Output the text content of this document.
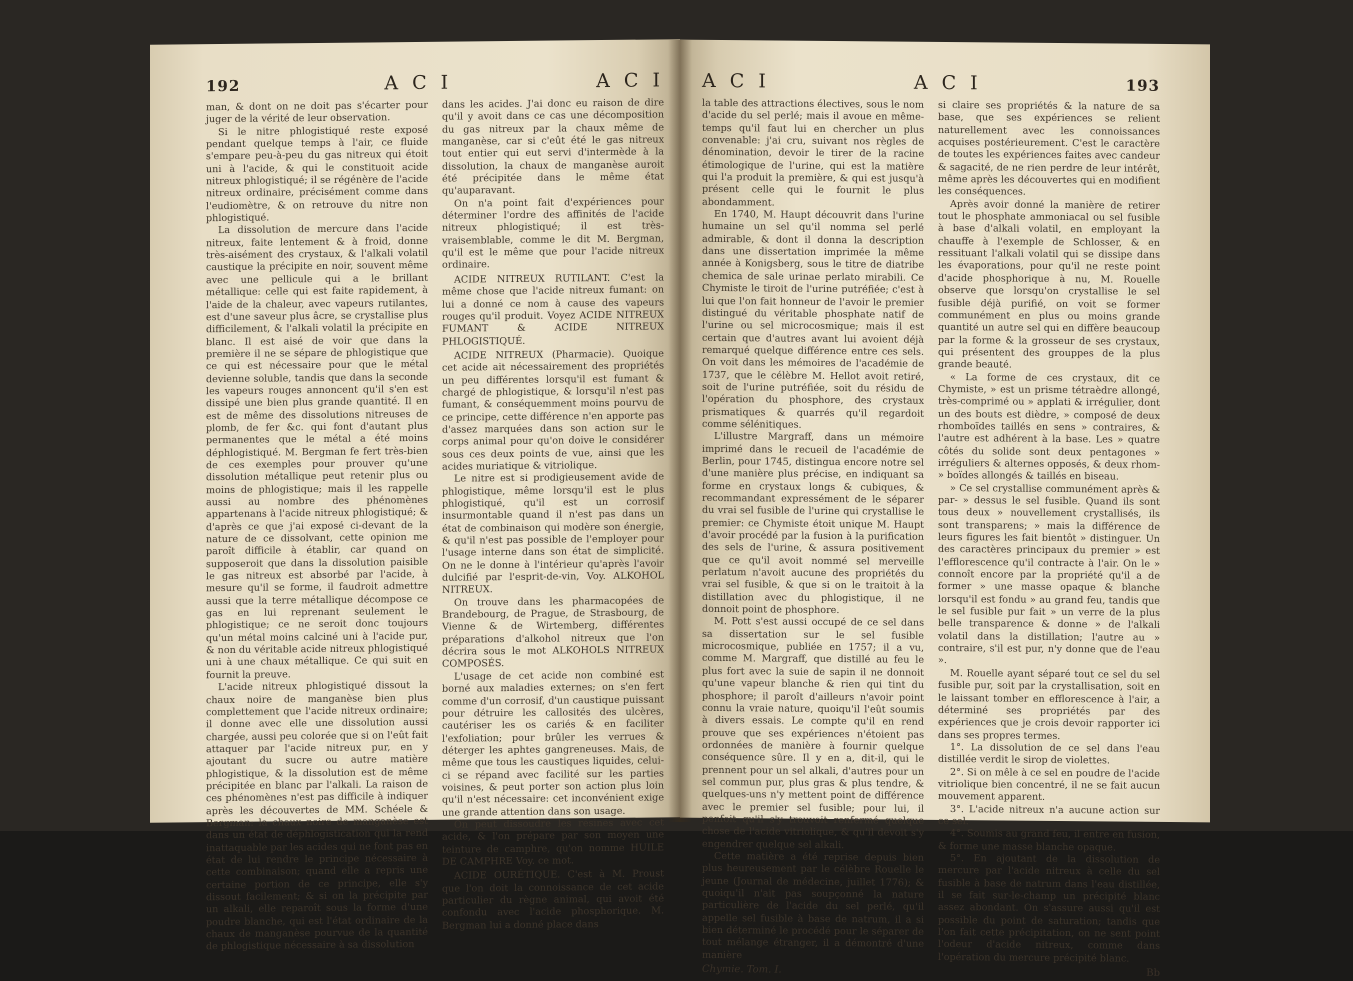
192	A C I	A C I

man, & dont on ne doit pas s'écarter pour juger de la vérité de leur observation.

Si le nitre phlogistiqué reste exposé pendant quelque temps à l'air, ce fluide s'empare peu-à-peu du gas nitreux qui étoit uni à l'acide, & qui le constituoit acide nitreux phlogistiqué; il se régénère de l'acide nitreux ordinaire, précisément comme dans l'eudiomètre, & on retrouve du nitre non phlogistiqué.

La dissolution de mercure dans l'acide nitreux, faite lentement & à froid, donne très-aisément des crystaux, & l'alkali volatil caustique la précipite en noir, souvent même avec une pellicule qui a le brillant métallique: celle qui est faite rapidement, à l'aide de la chaleur, avec vapeurs rutilantes, est d'une saveur plus âcre, se crystallise plus difficilement, & l'alkali volatil la précipite en blanc. Il est aisé de voir que dans la première il ne se sépare de phlogistique que ce qui est nécessaire pour que le métal devienne soluble, tandis que dans la seconde les vapeurs rouges annoncent qu'il s'en est dissipé une bien plus grande quantité. Il en est de même des dissolutions nitreuses de plomb, de fer &c. qui font d'autant plus permanentes que le métal a été moins déphlogistiqué. M. Bergman fe fert très-bien de ces exemples pour prouver qu'une dissolution métallique peut retenir plus ou moins de phlogistique; mais il les rappelle aussi au nombre des phénomènes appartenans à l'acide nitreux phlogistiqué; & d'après ce que j'ai exposé ci-devant de la nature de ce dissolvant, cette opinion me paroît difficile à établir, car quand on supposeroit que dans la dissolution paisible le gas nitreux est absorbé par l'acide, à mesure qu'il se forme, il faudroit admettre aussi que la terre métallique décompose ce gas en lui reprenant seulement le phlogistique; ce ne seroit donc toujours qu'un métal moins calciné uni à l'acide pur, & non du véritable acide nitreux phlogistiqué uni à une chaux métallique. Ce qui suit en fournit la preuve.

L'acide nitreux phlogistiqué dissout la chaux noire de manganèse bien plus complettement que l'acide nitreux ordinaire; il donne avec elle une dissolution aussi chargée, aussi peu colorée que si on l'eût fait attaquer par l'acide nitreux pur, en y ajoutant du sucre ou autre matière phlogistique, & la dissolution est de même précipitée en blanc par l'alkali. La raison de ces phénomènes n'est pas difficile à indiquer après les découvertes de MM. Schéele & Bergman: la chaux noire de manganèse est dans un état de déphlogistication qui la rend inattaquable par les acides qui ne font pas en état de lui rendre le principe nécessaire à cette combinaison; quand elle a repris une certaine portion de ce principe, elle s'y dissout facilement; & si on la précipite par un alkali, elle reparoît sous la forme d'une poudre blanche, qui est l'état ordinaire de la chaux de manganèse pourvue de la quantité de phlogistique nécessaire à sa dissolution

dans les acides. J'ai donc eu raison de dire qu'il y avoit dans ce cas une décomposition du gas nitreux par la chaux même de manganèse, car si c'eût été le gas nitreux tout entier qui eut servi d'intermède à la dissolution, la chaux de manganèse auroit été précipitée dans le même état qu'auparavant.

On n'a point fait d'expériences pour déterminer l'ordre des affinités de l'acide nitreux phlogistiqué; il est très-vraisemblable, comme le dit M. Bergman, qu'il est le même que pour l'acide nitreux ordinaire.

ACIDE NITREUX RUTILANT. C'est la même chose que l'acide nitreux fumant: on lui a donné ce nom à cause des vapeurs rouges qu'il produit. Voyez ACIDE NITREUX FUMANT & ACIDE NITREUX PHLOGISTIQUÉ.

ACIDE NITREUX (Pharmacie). Quoique cet acide ait nécessairement des propriétés un peu différentes lorsqu'il est fumant & chargé de phlogistique, & lorsqu'il n'est pas fumant, & conséquemment moins pourvu de ce principe, cette différence n'en apporte pas d'assez marquées dans son action sur le corps animal pour qu'on doive le considérer sous ces deux points de vue, ainsi que les acides muriatique & vitriolique.

Le nitre est si prodigieusement avide de phlogistique, même lorsqu'il est le plus phlogistiqué, qu'il est un corrosif insurmontable quand il n'est pas dans un état de combinaison qui modère son énergie, & qu'il n'est pas possible de l'employer pour l'usage interne dans son état de simplicité. On ne le donne à l'intérieur qu'après l'avoir dulcifié par l'esprit-de-vin, Voy. ALKOHOL NITREUX.

On trouve dans les pharmacopées de Brandebourg, de Prague, de Strasbourg, de Vienne & de Wirtemberg, différentes préparations d'alkohol nitreux que l'on décrira sous le mot ALKOHOLS NITREUX COMPOSÉS.

L'usage de cet acide non combiné est borné aux maladies externes; on s'en fert comme d'un corrosif, d'un caustique puissant pour détruire les callosités des ulcères, cautériser les os cariés & en faciliter l'exfoliation; pour brûler les verrues & déterger les aphtes gangreneuses. Mais, de même que tous les caustiques liquides, celui-ci se répand avec facilité sur les parties voisines, & peut porter son action plus loin qu'il n'est nécessaire: cet inconvénient exige une grande attention dans son usage.

On peut dissoudre les résines avec cet acide, & l'on prépare par son moyen une teinture de camphre, qu'on nomme HUILE DE CAMPHRE Voy. ce mot.

ACIDE OURÉTIQUE. C'est à M. Proust que l'on doit la connoissance de cet acide particulier du règne animal, qui avoit été confondu avec l'acide phosphorique. M. Bergman lui a donné place dans

A C I	A C I	193

la table des attractions électives, sous le nom d'acide du sel perlé; mais il avoue en même-temps qu'il faut lui en chercher un plus convenable: j'ai cru, suivant nos règles de dénomination, devoir le tirer de la racine étimologique de l'urine, qui est la matière qui l'a produit la première, & qui est jusqu'à présent celle qui le fournit le plus abondamment.

En 1740, M. Haupt découvrit dans l'urine humaine un sel qu'il nomma sel perlé admirable, & dont il donna la description dans une dissertation imprimée la même année à Konigsberg, sous le titre de diatribe chemica de sale urinae perlato mirabili. Ce Chymiste le tiroit de l'urine putréfiée; c'est à lui que l'on fait honneur de l'avoir le premier distingué du véritable phosphate natif de l'urine ou sel microcosmique; mais il est certain que d'autres avant lui avoient déjà remarqué quelque différence entre ces sels. On voit dans les mémoires de l'académie de 1737, que le célèbre M. Hellot avoit retiré, soit de l'urine putréfiée, soit du résidu de l'opération du phosphore, des crystaux prismatiques & quarrés qu'il regardoit comme sélénitiques.

L'illustre Margraff, dans un mémoire imprimé dans le recueil de l'académie de Berlin, pour 1745, distingua encore notre sel d'une manière plus précise, en indiquant sa forme en crystaux longs & cubiques, & recommandant expressément de le séparer du vrai sel fusible de l'urine qui crystallise le premier: ce Chymiste étoit unique M. Haupt d'avoir procédé par la fusion à la purification des sels de l'urine, & assura positivement que ce qu'il avoit nommé sel merveille perlatum n'avoit aucune des propriétés du vrai sel fusible, & que si on le traitoit à la distillation avec du phlogistique, il ne donnoit point de phosphore.

M. Pott s'est aussi occupé de ce sel dans sa dissertation sur le sel fusible microcosmique, publiée en 1757; il a vu, comme M. Margraff, que distillé au feu le plus fort avec la suie de sapin il ne donnoit qu'une vapeur blanche & rien qui tint du phosphore; il paroît d'ailleurs n'avoir point connu la vraie nature, quoiqu'il l'eût soumis à divers essais. Le compte qu'il en rend prouve que ses expériences n'étoient pas ordonnées de manière à fournir quelque conséquence sûre. Il y en a, dit-il, qui le prennent pour un sel alkali, d'autres pour un sel commun pur, plus gras & plus tendre, & quelques-uns n'y mettent point de différence avec le premier sel fusible; pour lui, il penfoit qu'il s'y trouvoit renfermé quelque chose de l'acide vitriolique, & qu'il devoit s'y engendrer quelque sel alkali.

Cette matière a été reprise depuis bien plus heureusement par le célèbre Rouelle le jeune (Journal de médecine, juillet 1776); & quoiqu'il n'ait pas soupçonné la nature particulière de l'acide du sel perlé, qu'il appelle sel fusible à base de natrum, il a si bien déterminé le procédé pour le séparer de tout mélange étranger, il a démontré d'une manière

Chymie. Tom. I.

si claire ses propriétés & la nature de sa base, que ses expériences se relient naturellement avec les connoissances acquises postérieurement. C'est le caractère de toutes les expériences faites avec candeur & sagacité, de ne rien perdre de leur intérêt, même après les découvertes qui en modifient les conséquences.

Après avoir donné la manière de retirer tout le phosphate ammoniacal ou sel fusible à base d'alkali volatil, en employant la chauffe à l'exemple de Schlosser, & en ressituant l'alkali volatil qui se dissipe dans les évaporations, pour qu'il ne reste point d'acide phosphorique à nu, M. Rouelle observe que lorsqu'on crystallise le sel fusible déjà purifié, on voit se former communément en plus ou moins grande quantité un autre sel qui en diffère beaucoup par la forme & la grosseur de ses crystaux, qui présentent des grouppes de la plus grande beauté.

« La forme de ces crystaux, dit ce Chymiste, » est un prisme tétraèdre allongé, très-comprimé ou » applati & irrégulier, dont un des bouts est dièdre, » composé de deux rhomboïdes taillés en sens » contraires, & l'autre est adhérent à la base. Les » quatre côtés du solide sont deux pentagones » irréguliers & alternes opposés, & deux rhom- » boïdes allongés & taillés en biseau.

» Ce sel crystallise communément après & par- » dessus le sel fusible. Quand ils sont tous deux » nouvellement crystallisés, ils sont transparens; » mais la différence de leurs figures les fait bientôt » distinguer. Un des caractères principaux du premier » est l'efflorescence qu'il contracte à l'air. On le » connoît encore par la propriété qu'il a de former » une masse opaque & blanche lorsqu'il est fondu » au grand feu, tandis que le sel fusible pur fait » un verre de la plus belle transparence & donne » de l'alkali volatil dans la distillation; l'autre au » contraire, s'il est pur, n'y donne que de l'eau ».

M. Rouelle ayant séparé tout ce sel du sel fusible pur, soit par la crystallisation, soit en le laissant tomber en efflorescence à l'air, a déterminé ses propriétés par des expériences que je crois devoir rapporter ici dans ses propres termes.

1°. La dissolution de ce sel dans l'eau distillée verdit le sirop de violettes.

2°. Si on mêle à ce sel en poudre de l'acide vitriolique bien concentré, il ne se fait aucun mouvement apparent.

3°. L'acide nitreux n'a aucune action sur ce sel.

4°. Soumis au grand feu, il entre en fusion, & forme une masse blanche opaque.

5°. En ajoutant de la dissolution de mercure par l'acide nitreux à celle du sel fusible à base de natrum dans l'eau distillée, il se fait sur-le-champ un précipité blanc assez abondant. On s'assure aussi qu'il est possible du point de saturation; tandis que l'on fait cette précipitation, on ne sent point l'odeur d'acide nitreux, comme dans l'opération du mercure précipité blanc.

Bb
